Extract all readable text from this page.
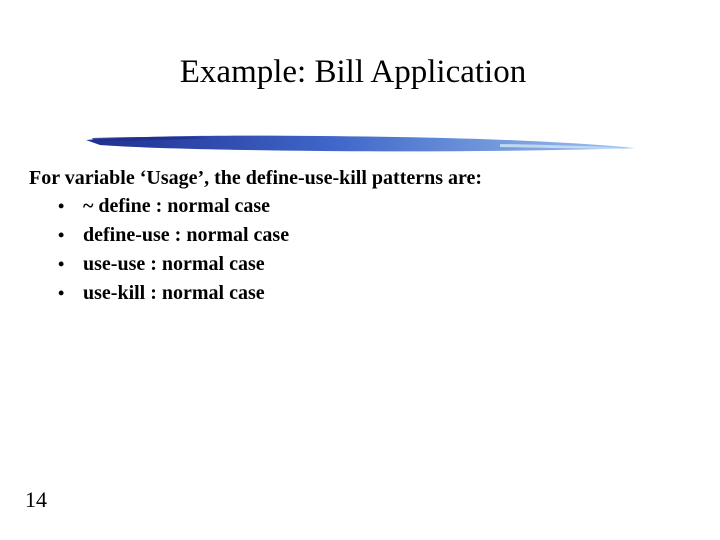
Example: Bill Application
For variable ‘Usage’, the define-use-kill patterns are:
• ~ define : normal case
• define-use : normal case
• use-use : normal case
• use-kill : normal case
14
